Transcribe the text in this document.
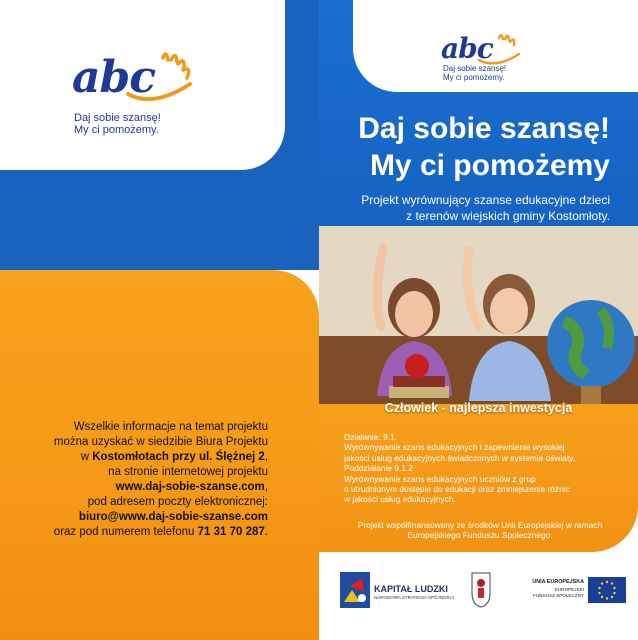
abc
Daj sobie szansę!
My ci pomożemy.
Wszelkie informacje na temat projektu
można uzyskać w siedzibie Biura Projektu
w Kostomłotach przy ul. Ślężnej 2,
na stronie internetowej projektu
www.daj-sobie-szanse.com,
pod adresem poczty elektronicznej:
biuro@www.daj-sobie-szanse.com
oraz pod numerem telefonu 71 31 70 287.
abc
Daj sobie szansę!
My ci pomożemy.
Daj sobie szansę!
My ci pomożemy
Projekt wyrównujący szanse edukacyjne dzieci
z terenów wiejskich gminy Kostomłoty.
Człowiek - najlepsza inwestycja
Działanie: 9.1.
Wyrównywanie szans edukacyjnych i zapewnienie wysokiej
jakości usług edukacyjnych świadczonych w systemie oświaty,
Poddziałanie 9.1.2
Wyrównywanie szans edukacyjnych uczniów z grup
o utrudnionym dostępie do edukacji oraz zmniejszenie różnic
w jakości usług edukacyjnych.
Projekt współfinansowany ze środków Unii Europejskiej w ramach
Europejskiego Funduszu Społecznego.
KAPITAŁ LUDZKI
NARODOWA STRATEGIA SPÓJNOŚCI
UNIA EUROPEJSKA
EUROPEJSKI
FUNDUSZ SPOŁECZNY
